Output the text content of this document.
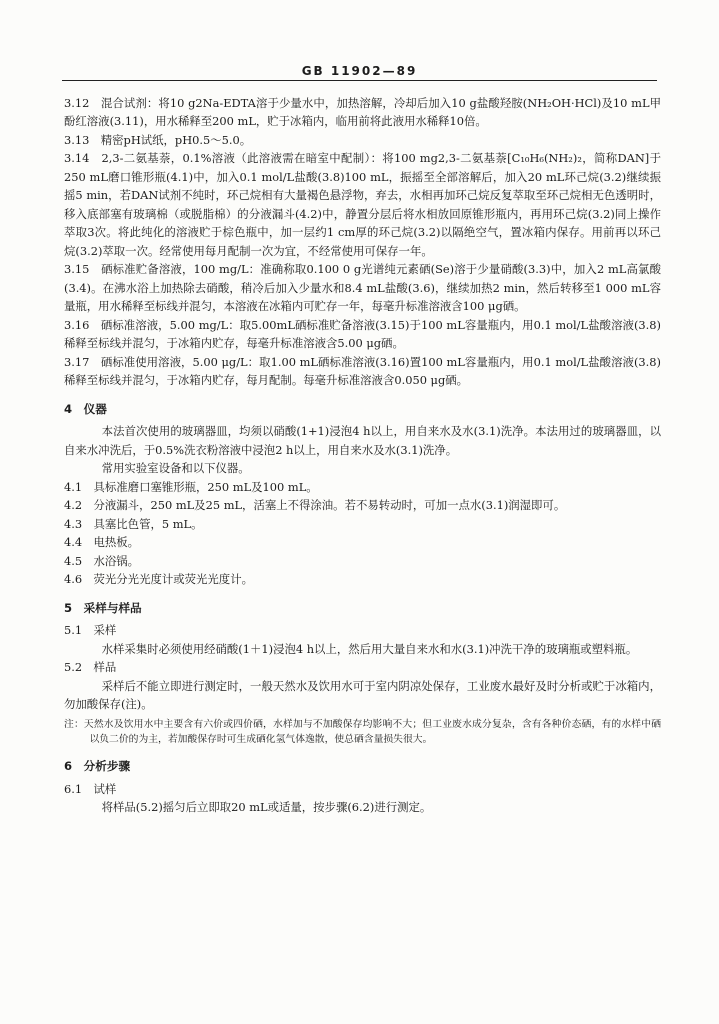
GB 11902—89

3.12　混合试剂：将10 g2Na-EDTA溶于少量水中，加热溶解，冷却后加入10 g盐酸羟胺(NH₂OH·HCl)及10 mL甲酚红溶液(3.11)，用水稀释至200 mL，贮于冰箱内，临用前将此液用水稀释10倍。

3.13　精密pH试纸，pH0.5～5.0。

3.14　2,3-二氨基萘，0.1%溶液（此溶液需在暗室中配制）：将100 mg2,3-二氨基萘[C₁₀H₆(NH₂)₂，简称DAN]于250 mL磨口锥形瓶(4.1)中，加入0.1 mol/L盐酸(3.8)100 mL，振摇至全部溶解后，加入20 mL环己烷(3.2)继续振摇5 min，若DAN试剂不纯时，环己烷相有大量褐色悬浮物，弃去，水相再加环己烷反复萃取至环己烷相无色透明时，移入底部塞有玻璃棉（或脱脂棉）的分液漏斗(4.2)中，静置分层后将水相放回原锥形瓶内，再用环己烷(3.2)同上操作萃取3次。将此纯化的溶液贮于棕色瓶中，加一层约1 cm厚的环己烷(3.2)以隔绝空气，置冰箱内保存。用前再以环己烷(3.2)萃取一次。经常使用每月配制一次为宜，不经常使用可保存一年。

3.15　硒标准贮备溶液，100 mg/L：准确称取0.100 0 g光谱纯元素硒(Se)溶于少量硝酸(3.3)中，加入2 mL高氯酸(3.4)。在沸水浴上加热除去硝酸，稍冷后加入少量水和8.4 mL盐酸(3.6)，继续加热2 min，然后转移至1 000 mL容量瓶，用水稀释至标线并混匀，本溶液在冰箱内可贮存一年，每毫升标准溶液含100 μg硒。

3.16　硒标准溶液，5.00 mg/L：取5.00mL硒标准贮备溶液(3.15)于100 mL容量瓶内，用0.1 mol/L盐酸溶液(3.8)稀释至标线并混匀，于冰箱内贮存，每毫升标准溶液含5.00 μg硒。

3.17　硒标准使用溶液，5.00 μg/L：取1.00 mL硒标准溶液(3.16)置100 mL容量瓶内，用0.1 mol/L盐酸溶液(3.8)稀释至标线并混匀，于冰箱内贮存，每月配制。每毫升标准溶液含0.050 μg硒。

4　仪器

本法首次使用的玻璃器皿，均须以硝酸(1+1)浸泡4 h以上，用自来水及水(3.1)洗净。本法用过的玻璃器皿，以自来水冲洗后，于0.5%洗衣粉溶液中浸泡2 h以上，用自来水及水(3.1)洗净。

常用实验室设备和以下仪器。

4.1　具标准磨口塞锥形瓶，250 mL及100 mL。

4.2　分液漏斗，250 mL及25 mL，活塞上不得涂油。若不易转动时，可加一点水(3.1)润湿即可。

4.3　具塞比色管，5 mL。

4.4　电热板。

4.5　水浴锅。

4.6　荧光分光光度计或荧光光度计。

5　采样与样品

5.1　采样

水样采集时必须使用经硝酸(1＋1)浸泡4 h以上，然后用大量自来水和水(3.1)冲洗干净的玻璃瓶或塑料瓶。

5.2　样品

采样后不能立即进行测定时，一般天然水及饮用水可于室内阴凉处保存，工业废水最好及时分析或贮于冰箱内，勿加酸保存(注)。

注：天然水及饮用水中主要含有六价或四价硒，水样加与不加酸保存均影响不大；但工业废水成分复杂，含有各种价态硒，有的水样中硒以负二价的为主，若加酸保存时可生成硒化氢气体逸散，使总硒含量损失很大。

6　分析步骤

6.1　试样

将样品(5.2)摇匀后立即取20 mL或适量，按步骤(6.2)进行测定。
